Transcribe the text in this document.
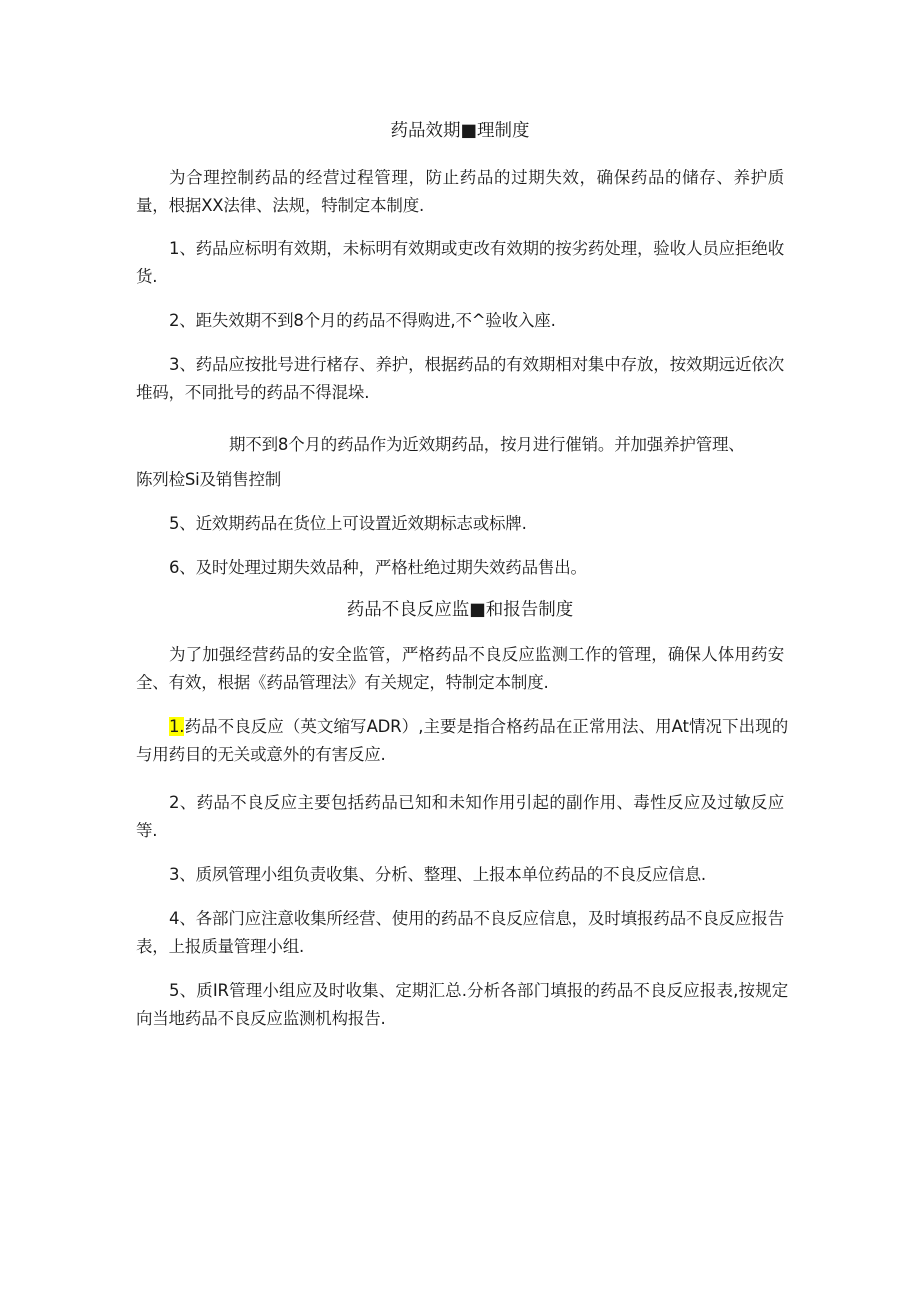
药品效期■理制度
为合理控制药品的经营过程管理，防止药品的过期失效，确保药品的储存、养护质量，根据XX法律、法规，特制定本制度.
1、药品应标明有效期，未标明有效期或吏改有效期的按劣药处理，验收人员应拒绝收货.
2、距失效期不到8个月的药品不得购进,不^验收入座.
3、药品应按批号进行楮存、养护，根据药品的有效期相对集中存放，按效期远近依次堆码，不同批号的药品不得混垛.
期不到8个月的药品作为近效期药品，按月进行催销。并加强养护管理、
陈列检Si及销售控制
5、近效期药品在货位上可设置近效期标志或标牌.
6、及时处理过期失效品种，严格杜绝过期失效药品售出。
药品不良反应监■和报告制度
为了加强经营药品的安全监管，严格药品不良反应监测工作的管理，确保人体用药安全、有效，根据《药品管理法》有关规定，特制定本制度.
1.药品不良反应（英文缩写ADR）,主要是指合格药品在正常用法、用At情况下出现的与用药目的无关或意外的有害反应.
2、药品不良反应主要包括药品已知和未知作用引起的副作用、毒性反应及过敏反应等.
3、质夙管理小组负责收集、分析、整理、上报本单位药品的不良反应信息.
4、各部门应注意收集所经营、使用的药品不良反应信息，及时填报药品不良反应报告表，上报质量管理小组.
5、质IR管理小组应及时收集、定期汇总.分析各部门填报的药品不良反应报表,按规定向当地药品不良反应监测机构报告.
